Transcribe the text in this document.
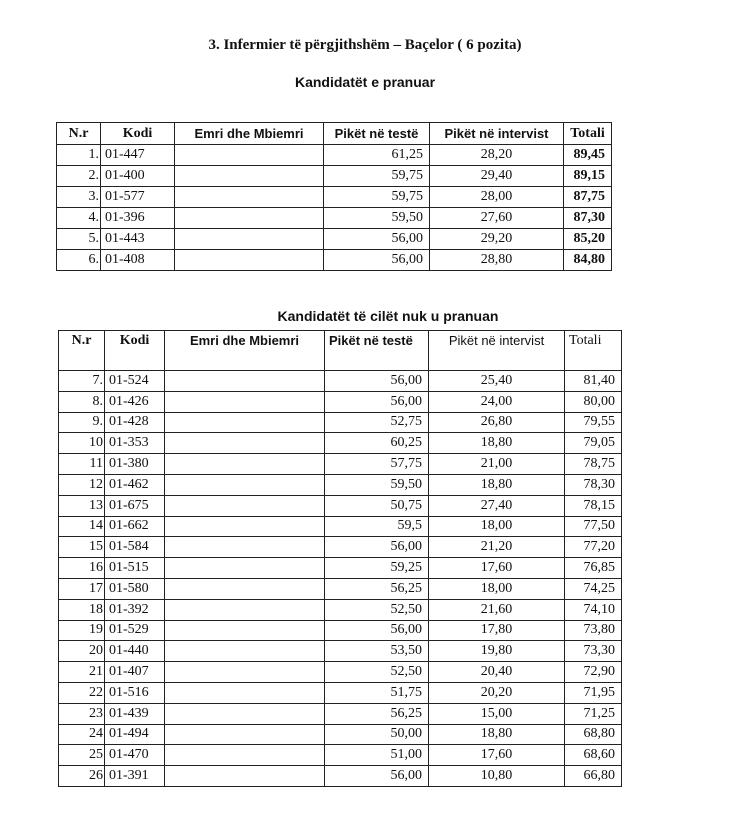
3. Infermier të përgjithshëm – Baçelor ( 6 pozita)
Kandidatët e pranuar
N.r	Kodi	Emri dhe Mbiemri	Pikët në testë	Pikët në intervist	Totali
1.	01-447		61,25	28,20	89,45
2.	01-400		59,75	29,40	89,15
3.	01-577		59,75	28,00	87,75
4.	01-396		59,50	27,60	87,30
5.	01-443		56,00	29,20	85,20
6.	01-408		56,00	28,80	84,80
Kandidatët të cilët nuk u pranuan
N.r	Kodi	Emri dhe Mbiemri	Pikët në testë	Pikët në intervist	Totali
7.	01-524		56,00	25,40	81,40
8.	01-426		56,00	24,00	80,00
9.	01-428		52,75	26,80	79,55
10	01-353		60,25	18,80	79,05
11	01-380		57,75	21,00	78,75
12	01-462		59,50	18,80	78,30
13	01-675		50,75	27,40	78,15
14	01-662		59,5	18,00	77,50
15	01-584		56,00	21,20	77,20
16	01-515		59,25	17,60	76,85
17	01-580		56,25	18,00	74,25
18	01-392		52,50	21,60	74,10
19	01-529		56,00	17,80	73,80
20	01-440		53,50	19,80	73,30
21	01-407		52,50	20,40	72,90
22	01-516		51,75	20,20	71,95
23	01-439		56,25	15,00	71,25
24	01-494		50,00	18,80	68,80
25	01-470		51,00	17,60	68,60
26	01-391		56,00	10,80	66,80
